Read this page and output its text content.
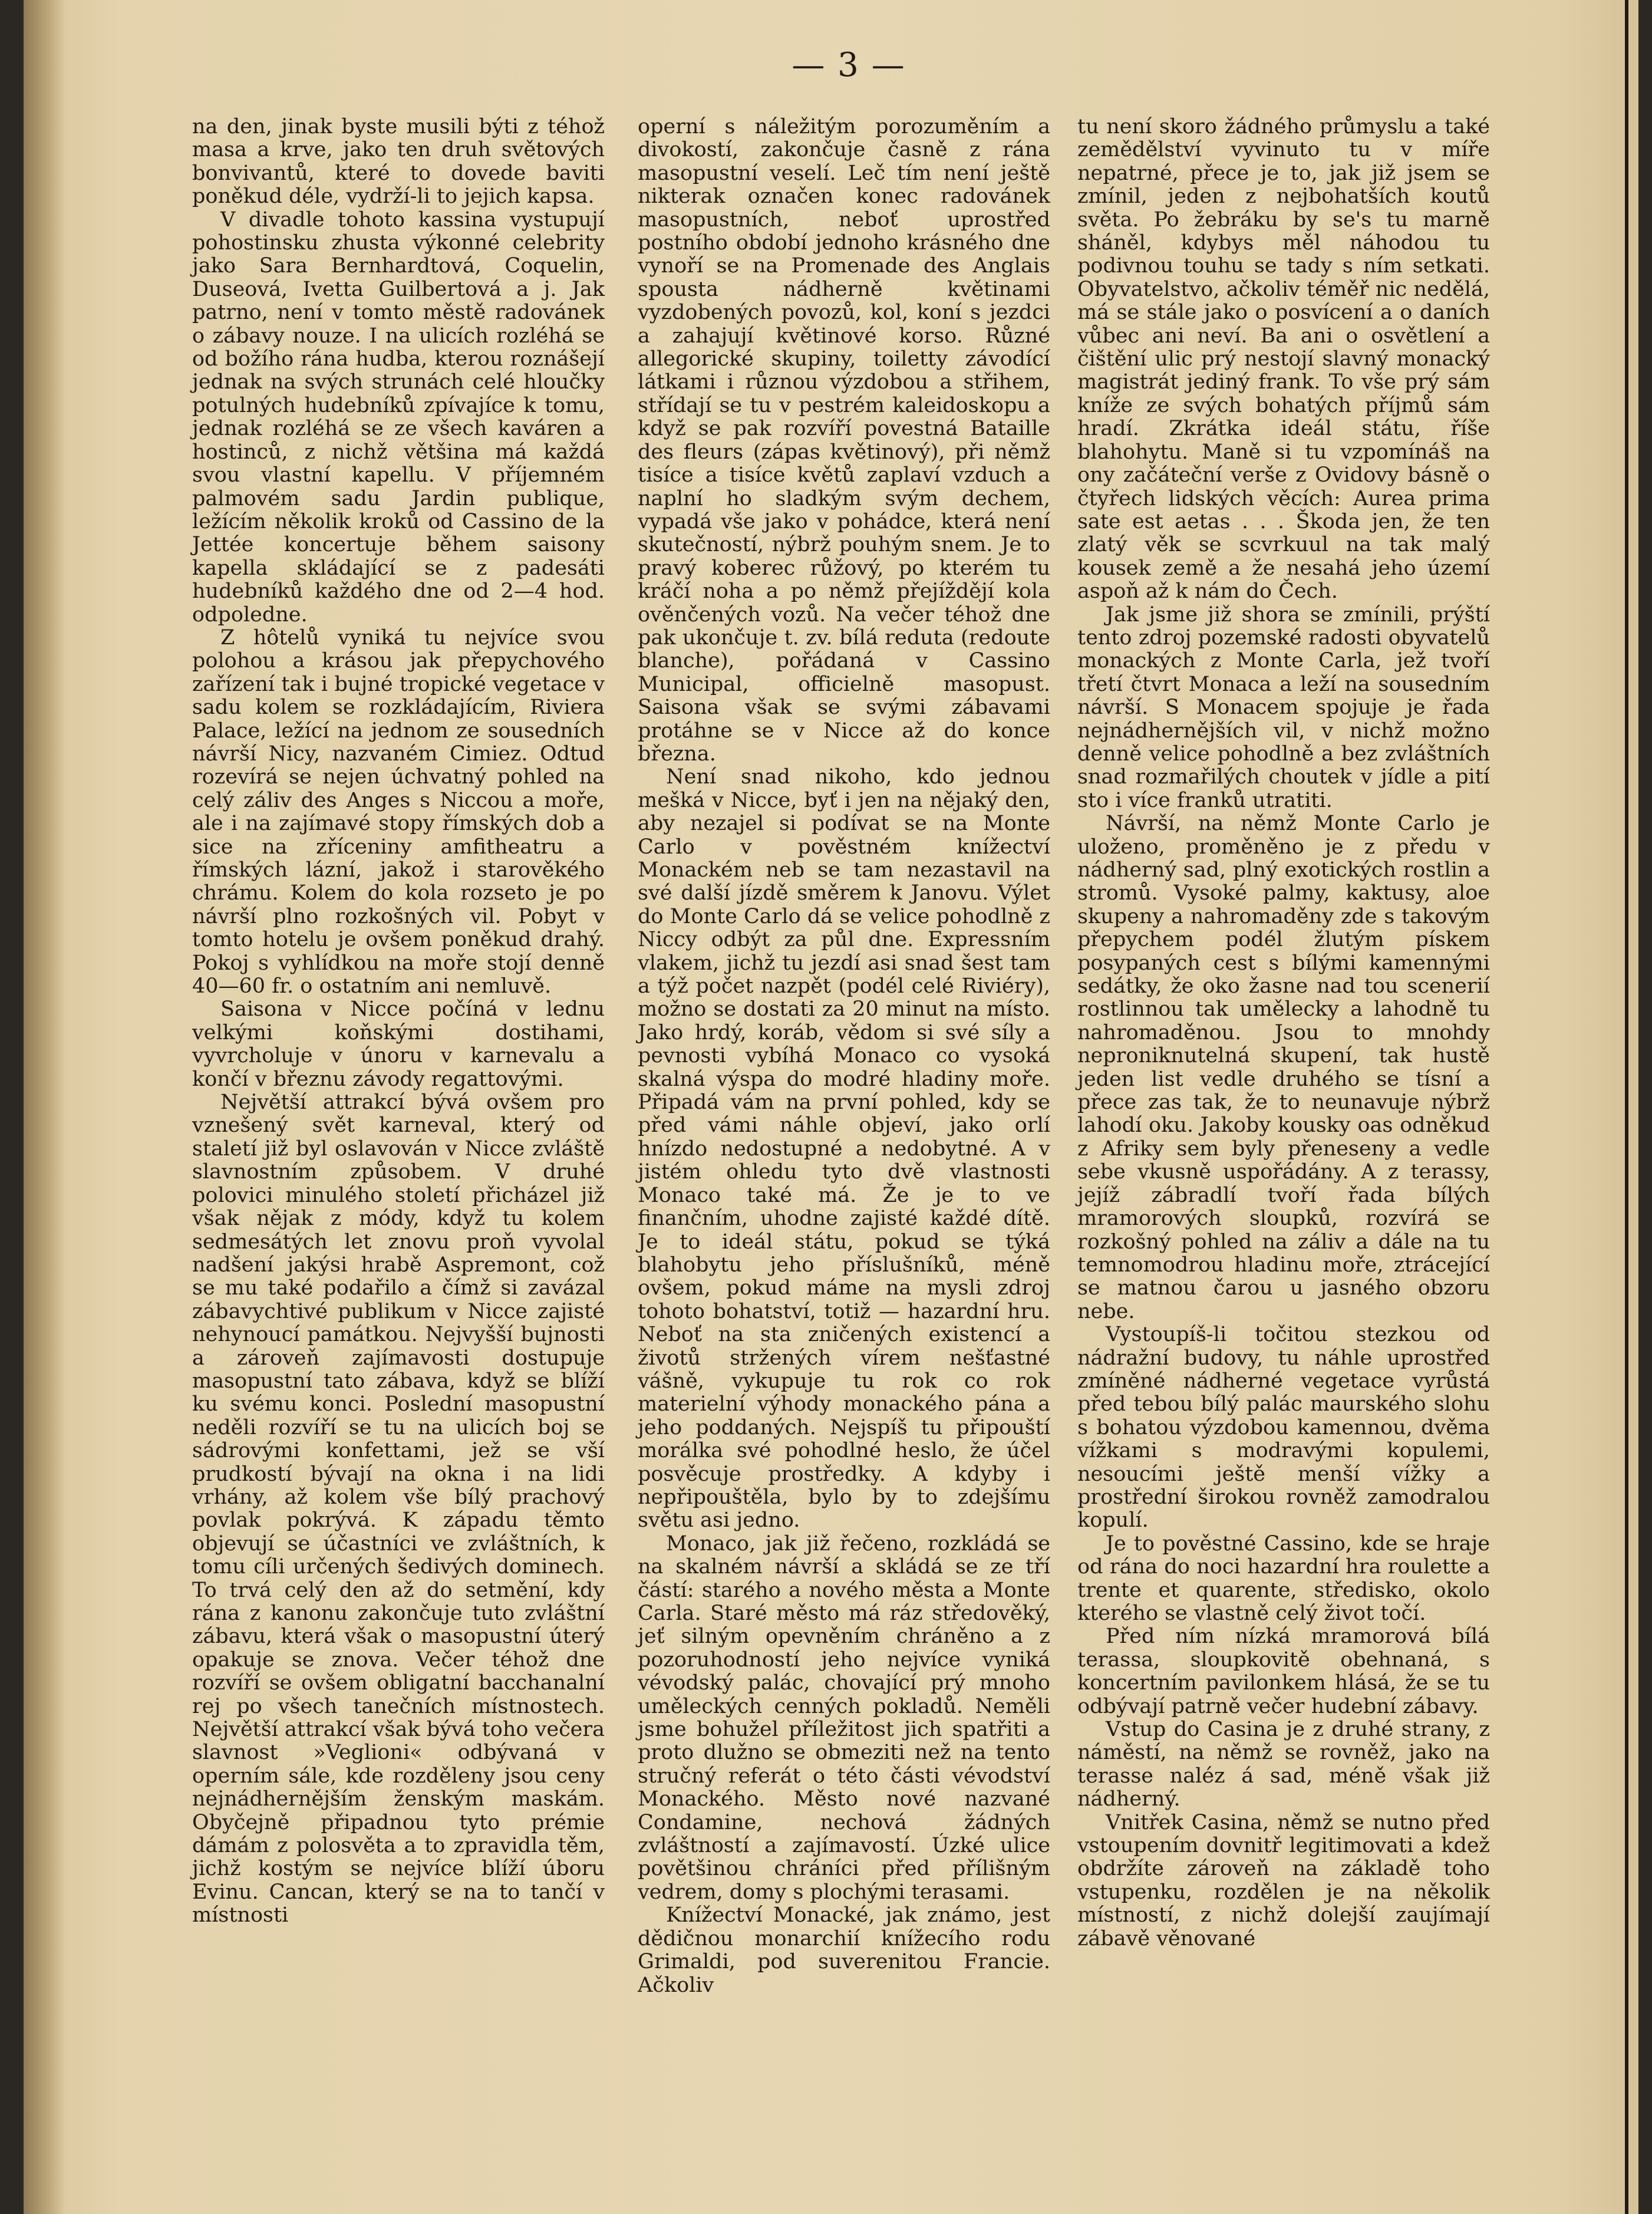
— 3 —

na den, jinak byste musili býti z téhož masa a krve, jako ten druh světových bonvivantů, které to dovede baviti poněkud déle, vydrží-li to jejich kapsa.

V divadle tohoto kassina vystupují pohostinsku zhusta výkonné celebrity jako Sara Bernhardtová, Coquelin, Duseová, Ivetta Guilbertová a j. Jak patrno, není v tomto městě radovánek o zábavy nouze. I na ulicích rozléhá se od božího rána hudba, kterou roznášejí jednak na svých strunách celé hloučky potulných hudebníků zpívajíce k tomu, jednak rozléhá se ze všech kaváren a hostinců, z nichž většina má každá svou vlastní kapellu. V příjemném palmovém sadu Jardin publique, ležícím několik kroků od Cassino de la Jettée koncertuje během saisony kapella skládající se z padesáti hudebníků každého dne od 2—4 hod. odpoledne.

Z hôtelů vyniká tu nejvíce svou polohou a krásou jak přepychového zařízení tak i bujné tropické vegetace v sadu kolem se rozkládajícím, Riviera Palace, ležící na jednom ze sousedních návrší Nicy, nazvaném Cimiez. Odtud rozevírá se nejen úchvatný pohled na celý záliv des Anges s Niccou a moře, ale i na zajímavé stopy římských dob a sice na zříceniny amfitheatru a římských lázní, jakož i starověkého chrámu. Kolem do kola rozseto je po návrší plno rozkošných vil. Pobyt v tomto hotelu je ovšem poněkud drahý. Pokoj s vyhlídkou na moře stojí denně 40—60 fr. o ostatním ani nemluvě.

Saisona v Nicce počíná v lednu velkými koňskými dostihami, vyvrcholuje v únoru v karnevalu a končí v březnu závody regattovými.

Největší attrakcí bývá ovšem pro vznešený svět karneval, který od staletí již byl oslavován v Nicce zvláště slavnostním způsobem. V druhé polovici minulého století přicházel již však nějak z módy, když tu kolem sedmesátých let znovu proň vyvolal nadšení jakýsi hrabě Aspremont, což se mu také podařilo a čímž si zavázal zábavychtivé publikum v Nicce zajisté nehynoucí památkou. Nejvyšší bujnosti a zároveň zajímavosti dostupuje masopustní tato zábava, když se blíží ku svému konci. Poslední masopustní neděli rozvíří se tu na ulicích boj se sádrovými konfettami, jež se vší prudkostí bývají na okna i na lidi vrhány, až kolem vše bílý prachový povlak pokrývá. K západu těmto objevují se účastníci ve zvláštních, k tomu cíli určených šedivých dominech. To trvá celý den až do setmění, kdy rána z kanonu zakončuje tuto zvláštní zábavu, která však o masopustní úterý opakuje se znova. Večer téhož dne rozvíří se ovšem obligatní bacchanalní rej po všech tanečních místnostech. Největší attrakcí však bývá toho večera slavnost »Veglioni« odbývaná v operním sále, kde rozděleny jsou ceny nejnádhernějším ženským maskám. Obyčejně připadnou tyto prémie dámám z polosvěta a to zpravidla těm, jichž kostým se nejvíce blíží úboru Evinu. Cancan, který se na to tančí v místnosti

operní s náležitým porozuměním a divokostí, zakončuje časně z rána masopustní veselí. Leč tím není ještě nikterak označen konec radovánek masopustních, neboť uprostřed postního období jednoho krásného dne vynoří se na Promenade des Anglais spousta nádherně květinami vyzdobených povozů, kol, koní s jezdci a zahajují květinové korso. Různé allegorické skupiny, toiletty závodící látkami i různou výzdobou a střihem, střídají se tu v pestrém kaleidoskopu a když se pak rozvíří povestná Bataille des fleurs (zápas květinový), při němž tisíce a tisíce květů zaplaví vzduch a naplní ho sladkým svým dechem, vypadá vše jako v pohádce, která není skutečností, nýbrž pouhým snem. Je to pravý koberec růžový, po kterém tu kráčí noha a po němž přejíždějí kola ověnčených vozů. Na večer téhož dne pak ukončuje t. zv. bílá reduta (redoute blanche), pořádaná v Cassino Municipal, officielně masopust. Saisona však se svými zábavami protáhne se v Nicce až do konce března.

Není snad nikoho, kdo jednou mešká v Nicce, byť i jen na nějaký den, aby nezajel si podívat se na Monte Carlo v pověstném knížectví Monackém neb se tam nezastavil na své další jízdě směrem k Janovu. Výlet do Monte Carlo dá se velice pohodlně z Niccy odbýt za půl dne. Expressním vlakem, jichž tu jezdí asi snad šest tam a týž počet nazpět (podél celé Riviéry), možno se dostati za 20 minut na místo. Jako hrdý, koráb, vědom si své síly a pevnosti vybíhá Monaco co vysoká skalná výspa do modré hladiny moře. Připadá vám na první pohled, kdy se před vámi náhle objeví, jako orlí hnízdo nedostupné a nedobytné. A v jistém ohledu tyto dvě vlastnosti Monaco také má. Že je to ve finančním, uhodne zajisté každé dítě. Je to ideál státu, pokud se týká blahobytu jeho příslušníků, méně ovšem, pokud máme na mysli zdroj tohoto bohatství, totiž — hazardní hru. Neboť na sta zničených existencí a životů stržených vírem nešťastné vášně, vykupuje tu rok co rok materielní výhody monackého pána a jeho poddaných. Nejspíš tu připouští morálka své pohodlné heslo, že účel posvěcuje prostředky. A kdyby i nepřipouštěla, bylo by to zdejšímu světu asi jedno.

Monaco, jak již řečeno, rozkládá se na skalném návrší a skládá se ze tří částí: starého a nového města a Monte Carla. Staré město má ráz středověký, jeť silným opevněním chráněno a z pozoruhodností jeho nejvíce vyniká vévodský palác, chovající prý mnoho uměleckých cenných pokladů. Neměli jsme bohužel příležitost jich spatřiti a proto dlužno se obmeziti než na tento stručný referát o této části vévodství Monackého. Město nové nazvané Condamine, nechová žádných zvláštností a zajímavostí. Úzké ulice povětšinou chráníci před přílišným vedrem, domy s plochými terasami.

Knížectví Monacké, jak známo, jest dědičnou monarchií knížecího rodu Grimaldi, pod suverenitou Francie. Ačkoliv

tu není skoro žádného průmyslu a také zemědělství vyvinuto tu v míře nepatrné, přece je to, jak již jsem se zmínil, jeden z nejbohatších koutů světa. Po žebráku by se's tu marně sháněl, kdybys měl náhodou tu podivnou touhu se tady s ním setkati. Obyvatelstvo, ačkoliv téměř nic nedělá, má se stále jako o posvícení a o daních vůbec ani neví. Ba ani o osvětlení a čištění ulic prý nestojí slavný monacký magistrát jediný frank. To vše prý sám kníže ze svých bohatých příjmů sám hradí. Zkrátka ideál státu, říše blahohytu. Maně si tu vzpomínáš na ony začáteční verše z Ovidovy básně o čtyřech lidských věcích: Aurea prima sate est aetas . . . Škoda jen, že ten zlatý věk se scvrkuul na tak malý kousek země a že nesahá jeho území aspoň až k nám do Čech.

Jak jsme již shora se zmínili, prýští tento zdroj pozemské radosti obyvatelů monackých z Monte Carla, jež tvoří třetí čtvrt Monaca a leží na sousedním návrší. S Monacem spojuje je řada nejnádhernějších vil, v nichž možno denně velice pohodlně a bez zvláštních snad rozmařilých choutek v jídle a pití sto i více franků utratiti.

Návrší, na němž Monte Carlo je uloženo, proměněno je z předu v nádherný sad, plný exotických rostlin a stromů. Vysoké palmy, kaktusy, aloe skupeny a nahromaděny zde s takovým přepychem podél žlutým pískem posypaných cest s bílými kamennými sedátky, že oko žasne nad tou scenerií rostlinnou tak umělecky a lahodně tu nahromaděnou. Jsou to mnohdy neproniknutelná skupení, tak hustě jeden list vedle druhého se tísní a přece zas tak, že to neunavuje nýbrž lahodí oku. Jakoby kousky oas odněkud z Afriky sem byly přeneseny a vedle sebe vkusně uspořádány. A z terassy, jejíž zábradlí tvoří řada bílých mramorových sloupků, rozvírá se rozkošný pohled na záliv a dále na tu temnomodrou hladinu moře, ztrácející se matnou čarou u jasného obzoru nebe.

Vystoupíš-li točitou stezkou od nádražní budovy, tu náhle uprostřed zmíněné nádherné vegetace vyrůstá před tebou bílý palác maurského slohu s bohatou výzdobou kamennou, dvěma vížkami s modravými kopulemi, nesoucími ještě menší vížky a prostřední širokou rovněž zamodralou kopulí.

Je to pověstné Cassino, kde se hraje od rána do noci hazardní hra roulette a trente et quarente, středisko, okolo kterého se vlastně celý život točí.

Před ním nízká mramorová bílá terassa, sloupkovitě obehnaná, s koncertním pavilonkem hlásá, že se tu odbývají patrně večer hudební zábavy.

Vstup do Casina je z druhé strany, z náměstí, na němž se rovněž, jako na terasse naléz á sad, méně však již nádherný.

Vnitřek Casina, němž se nutno před vstoupením dovnitř legitimovati a kdež obdržíte zároveň na základě toho vstupenku, rozdělen je na několik místností, z nichž dolejší zaujímají zábavě věnované
